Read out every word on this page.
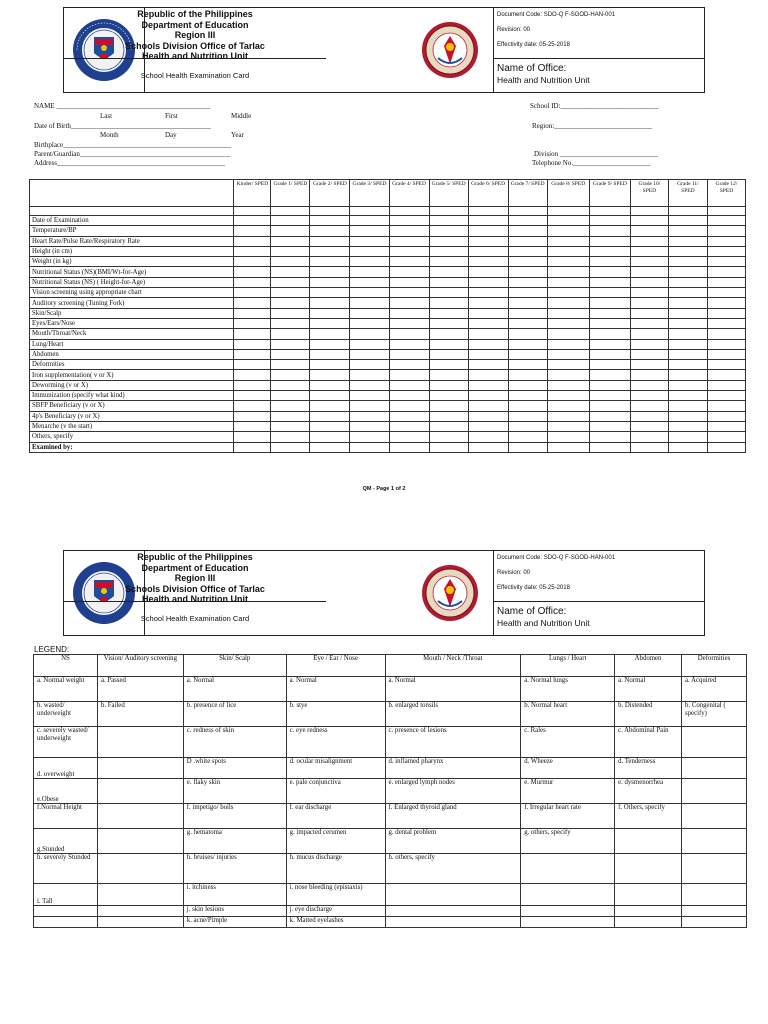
Republic of the Philippines
Department of Education
Region III
Schools Division Office of Tarlac
Health and Nutrition Unit
School Health Examination Card
Document Code: SDO-Q F-SGOD-HAN-001
Revision: 00
Effectivity date: 05-25-2018
Name of Office:
Health and Nutrition Unit
NAME ____________________________________________
Last	First	Middle
Date of Birth________________________________________
Month	Day	Year
Birthplace________________________________________________
Parent/Guardian___________________________________________
Address________________________________________________
School ID:____________________________
Region:____________________________
Division ____________________________
Telephone No.______________________
	Kinder/ SPED	Grade 1/ SPED	Grade 2/ SPED	Grade 3/ SPED	Grade 4/ SPED	Grade 5/ SPED	Grade 6/ SPED	Grade 7/ SPED	Grade 8/ SPED	Grade 9/ SPED	Grade 10/ SPED	Grade 11/ SPED	Grade 12/ SPED

Date of Examination													
Temperature/BP													
Heart Rate/Pulse Rate/Respiratory Rate													
Height (in cm)													
Weight (in kg)													
Nutritional Status (NS)(BMI/Wt-for-Age)													
Nutritional Status (NS) ( Height-for-Age)													
Vision screening using appropriate chart													
Auditory screening (Tuning Fork)													
Skin/Scalp													
Eyes/Ears/Nose													
Mouth/Throat/Neck													
Lung/Heart													
Abdomen													
Deformities													
Iron supplementation( v or X)													
Deworming (v or X)													
Immunization (specify what kind)													
SBFP Beneficiary (v or X)													
4p's Beneficiary (v or X)													
Menarche (v the start)													
Others, specify													
Examined by:													
QM - Page 1 of 2
Republic of the Philippines
Department of Education
Region III
Schools Division Office of Tarlac
Health and Nutrition Unit
School Health Examination Card
Document Code: SDO-Q F-SGOD-HAN-001
Revision: 00
Effectivity date: 05-25-2018
Name of Office:
Health and Nutrition Unit
LEGEND:
NS	Vision/ Auditory screening	Skin/ Scalp	Eye / Ear / Nose	Mouth / Neck /Throat	Lungs / Heart	Abdomen	Deformities
a. Normal weight	a. Passed	a. Normal	a. Normal	a. Normal	a. Normal lungs	a. Normal	a. Acquired
b. wasted/ underweight	b. Failed	b. presence of lice	b. stye	b. enlarged tonsils	b. Normal heart	b. Distended	b. Congenital ( specify)
c. severely wasted/ underweight		c. redness of skin	c. eye redness	c. presence of lesions	c. Rales	c. Abdominal Pain	
d. overweight		D .white spots	d. ocular misalignment	d. inflamed pharynx	d. Wheeze	d. Tenderness	
e.Obese		e. flaky skin	e. pale conjunctiva	e. enlarged lymph nodes	e. Murmur	e. dysmenorrhea	
f.Normal Height		f. impetigo/ boils	f. ear discharge	f. Enlarged thyroid gland	f. Irregular heart rate	f. Others, specify	
g.Stunded		g. hematoma	g. impacted cerumen	g. dental problem	g. others, specify		
h. severely Stunded		h. bruises/ injuries	h. mucus discharge	h. others, specify			
i. Tall		i. itchiness	i. nose bleeding (epistaxis)				
		j. skin lesions	j. eye discharge				
		k. acne/Pimple	k. Matted eyelashes				
